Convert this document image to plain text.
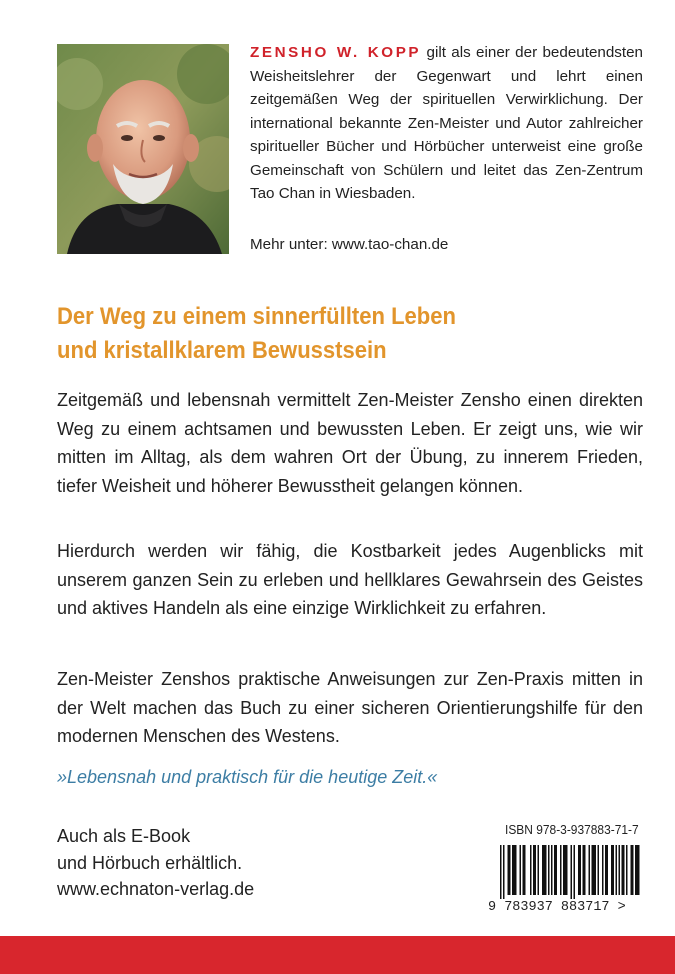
ZENSHO W. KOPP gilt als einer der bedeutendsten Weisheitslehrer der Gegenwart und lehrt einen zeitgemäßen Weg der spirituellen Verwirklichung. Der international bekannte Zen-Meister und Autor zahlreicher spiritueller Bücher und Hörbücher unterweist eine große Gemeinschaft von Schülern und leitet das Zen-Zentrum Tao Chan in Wiesbaden.
Mehr unter: www.tao-chan.de
Der Weg zu einem sinnerfüllten Leben
und kristallklarem Bewusstsein
Zeitgemäß und lebensnah vermittelt Zen-Meister Zensho einen direkten Weg zu einem achtsamen und bewussten Leben. Er zeigt uns, wie wir mitten im Alltag, als dem wahren Ort der Übung, zu innerem Frieden, tiefer Weisheit und höherer Bewusstheit gelangen können.
Hierdurch werden wir fähig, die Kostbarkeit jedes Augenblicks mit unserem ganzen Sein zu erleben und hellklares Gewahrsein des Geistes und aktives Handeln als eine einzige Wirklichkeit zu erfahren.
Zen-Meister Zenshos praktische Anweisungen zur Zen-Praxis mitten in der Welt machen das Buch zu einer sicheren Orientierungshilfe für den modernen Menschen des Westens.
»Lebensnah und praktisch für die heutige Zeit.«
Auch als E-Book
und Hörbuch erhältlich.
www.echnaton-verlag.de
ISBN 978-3-937883-71-7
9 783937 883717 >
